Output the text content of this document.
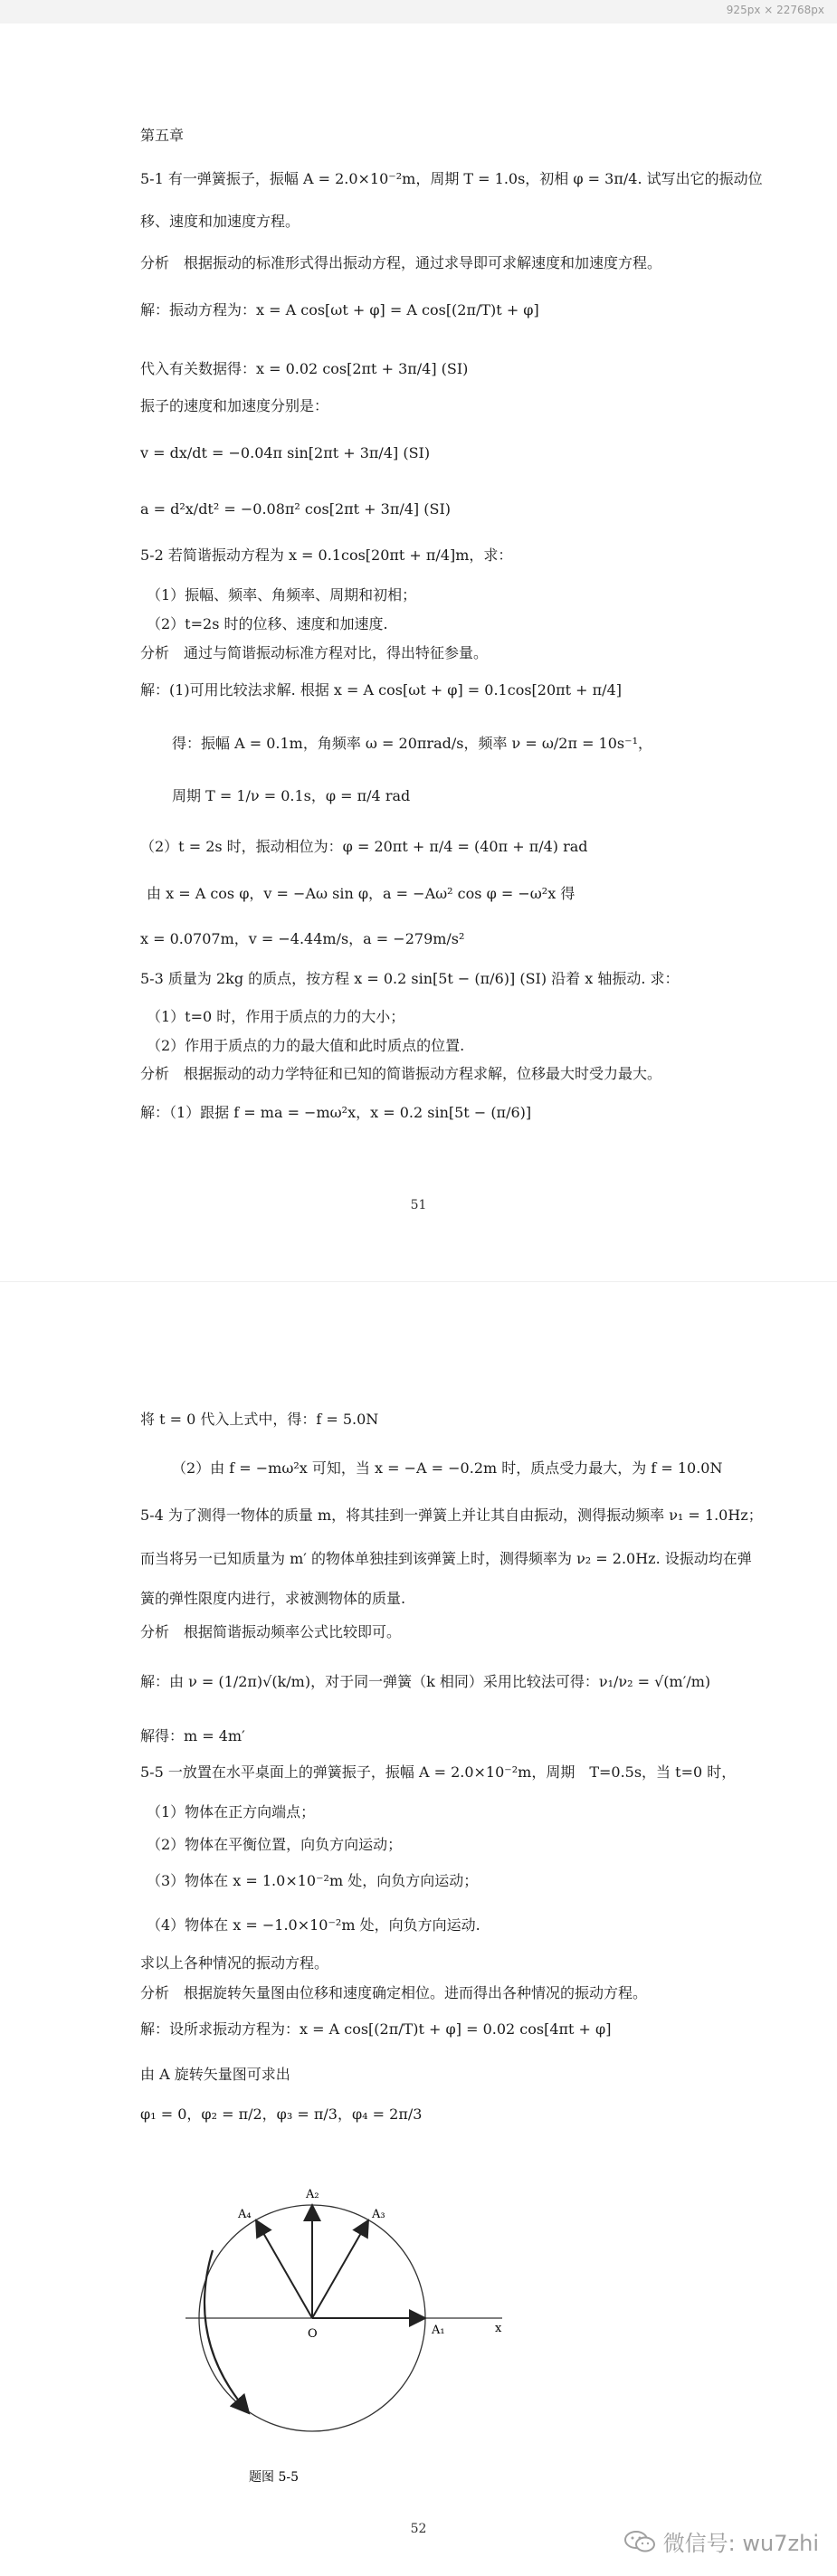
925px × 22768px
第五章
5-1 有一弹簧振子，振幅 A = 2.0×10⁻²m，周期 T = 1.0s，初相 φ = 3π/4. 试写出它的振动位
移、速度和加速度方程。
分析　根据振动的标准形式得出振动方程，通过求导即可求解速度和加速度方程。
解：振动方程为：x = A cos[ωt + φ] = A cos[(2π/T)t + φ]
代入有关数据得：x = 0.02 cos[2πt + 3π/4] (SI)
振子的速度和加速度分别是：
v = dx/dt = −0.04π sin[2πt + 3π/4] (SI)
a = d²x/dt² = −0.08π² cos[2πt + 3π/4] (SI)
5-2 若简谐振动方程为 x = 0.1cos[20πt + π/4]m，求：
（1）振幅、频率、角频率、周期和初相；
（2）t=2s 时的位移、速度和加速度.
分析　通过与简谐振动标准方程对比，得出特征参量。
解：(1)可用比较法求解. 根据 x = A cos[ωt + φ] = 0.1cos[20πt + π/4]
得：振幅 A = 0.1m，角频率 ω = 20πrad/s，频率 ν = ω/2π = 10s⁻¹，
周期 T = 1/ν = 0.1s，φ = π/4 rad
（2）t = 2s 时，振动相位为：φ = 20πt + π/4 = (40π + π/4) rad
由 x = A cos φ，v = −Aω sin φ，a = −Aω² cos φ = −ω²x 得
x = 0.0707m，v = −4.44m/s，a = −279m/s²
5-3 质量为 2kg 的质点，按方程 x = 0.2 sin[5t − (π/6)] (SI) 沿着 x 轴振动. 求：
（1）t=0 时，作用于质点的力的大小；
（2）作用于质点的力的最大值和此时质点的位置.
分析　根据振动的动力学特征和已知的简谐振动方程求解，位移最大时受力最大。
解：（1）跟据 f = ma = −mω²x，x = 0.2 sin[5t − (π/6)]
51
将 t = 0 代入上式中，得：f = 5.0N
（2）由 f = −mω²x 可知，当 x = −A = −0.2m 时，质点受力最大，为 f = 10.0N
5-4 为了测得一物体的质量 m，将其挂到一弹簧上并让其自由振动，测得振动频率 ν₁ = 1.0Hz；
而当将另一已知质量为 m′ 的物体单独挂到该弹簧上时，测得频率为 ν₂ = 2.0Hz. 设振动均在弹
簧的弹性限度内进行，求被测物体的质量.
分析　根据简谐振动频率公式比较即可。
解：由 ν = (1/2π)√(k/m)，对于同一弹簧（k 相同）采用比较法可得：ν₁/ν₂ = √(m′/m)
解得：m = 4m′
5-5 一放置在水平桌面上的弹簧振子，振幅 A = 2.0×10⁻²m，周期　T=0.5s，当 t=0 时，
（1）物体在正方向端点；
（2）物体在平衡位置，向负方向运动；
（3）物体在 x = 1.0×10⁻²m 处，向负方向运动；
（4）物体在 x = −1.0×10⁻²m 处，向负方向运动.
求以上各种情况的振动方程。
分析　根据旋转矢量图由位移和速度确定相位。进而得出各种情况的振动方程。
解：设所求振动方程为：x = A cos[(2π/T)t + φ] = 0.02 cos[4πt + φ]
由 A 旋转矢量图可求出
φ₁ = 0，φ₂ = π/2，φ₃ = π/3，φ₄ = 2π/3
A₁
A₂
A₃
A₄
O	x
题图 5-5
52
微信号: wu7zhi
